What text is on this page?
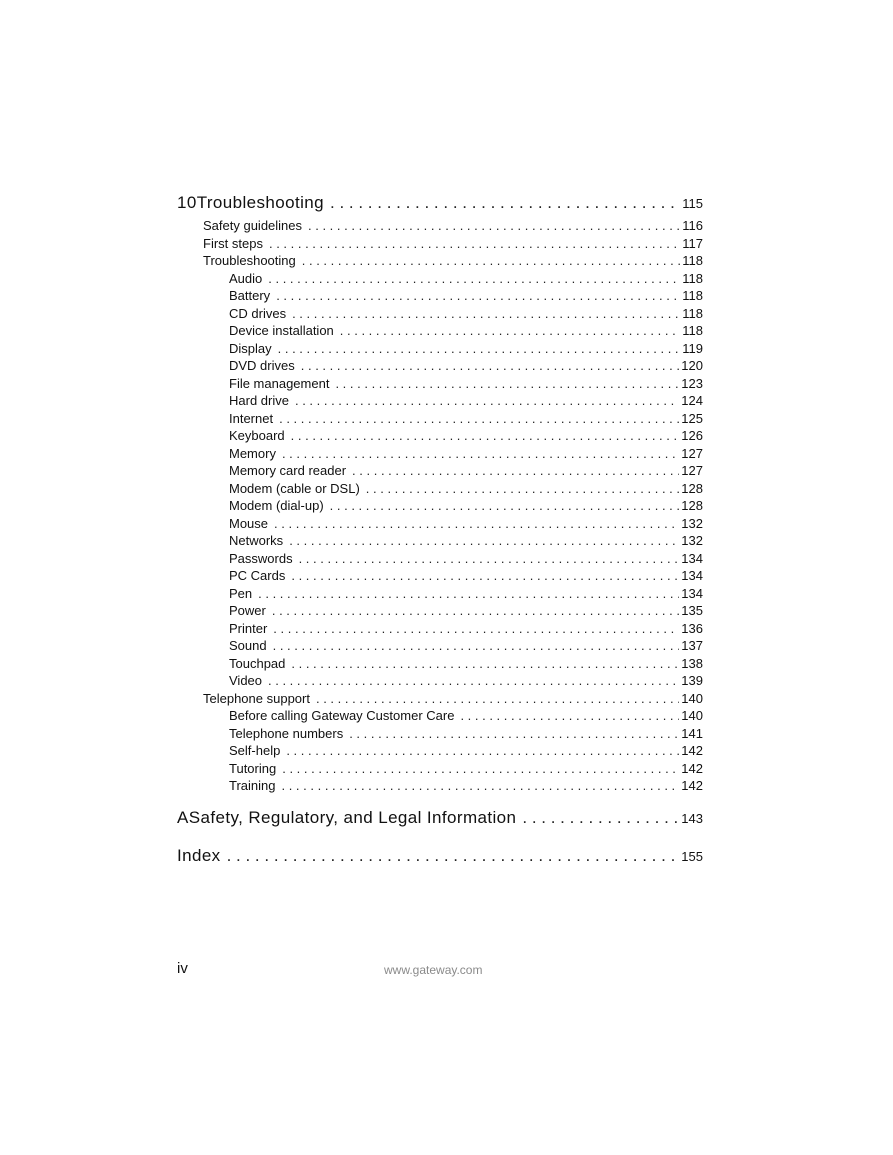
10 Troubleshooting . . .	115
Safety guidelines . . .	116
First steps . . .	117
Troubleshooting . . .	118
Audio . . .	118
Battery . . .	118
CD drives . . .	118
Device installation . . .	118
Display . . .	119
DVD drives . . .	120
File management . . .	123
Hard drive . . .	124
Internet . . .	125
Keyboard . . .	126
Memory . . .	127
Memory card reader . . .	127
Modem (cable or DSL) . . .	128
Modem (dial-up) . . .	128
Mouse . . .	132
Networks . . .	132
Passwords . . .	134
PC Cards . . .	134
Pen . . .	134
Power . . .	135
Printer . . .	136
Sound . . .	137
Touchpad . . .	138
Video . . .	139
Telephone support . . .	140
Before calling Gateway Customer Care . . .	140
Telephone numbers . . .	141
Self-help . . .	142
Tutoring . . .	142
Training . . .	142
A Safety, Regulatory, and Legal Information . . .	143
Index . . .	155
iv	www.gateway.com
